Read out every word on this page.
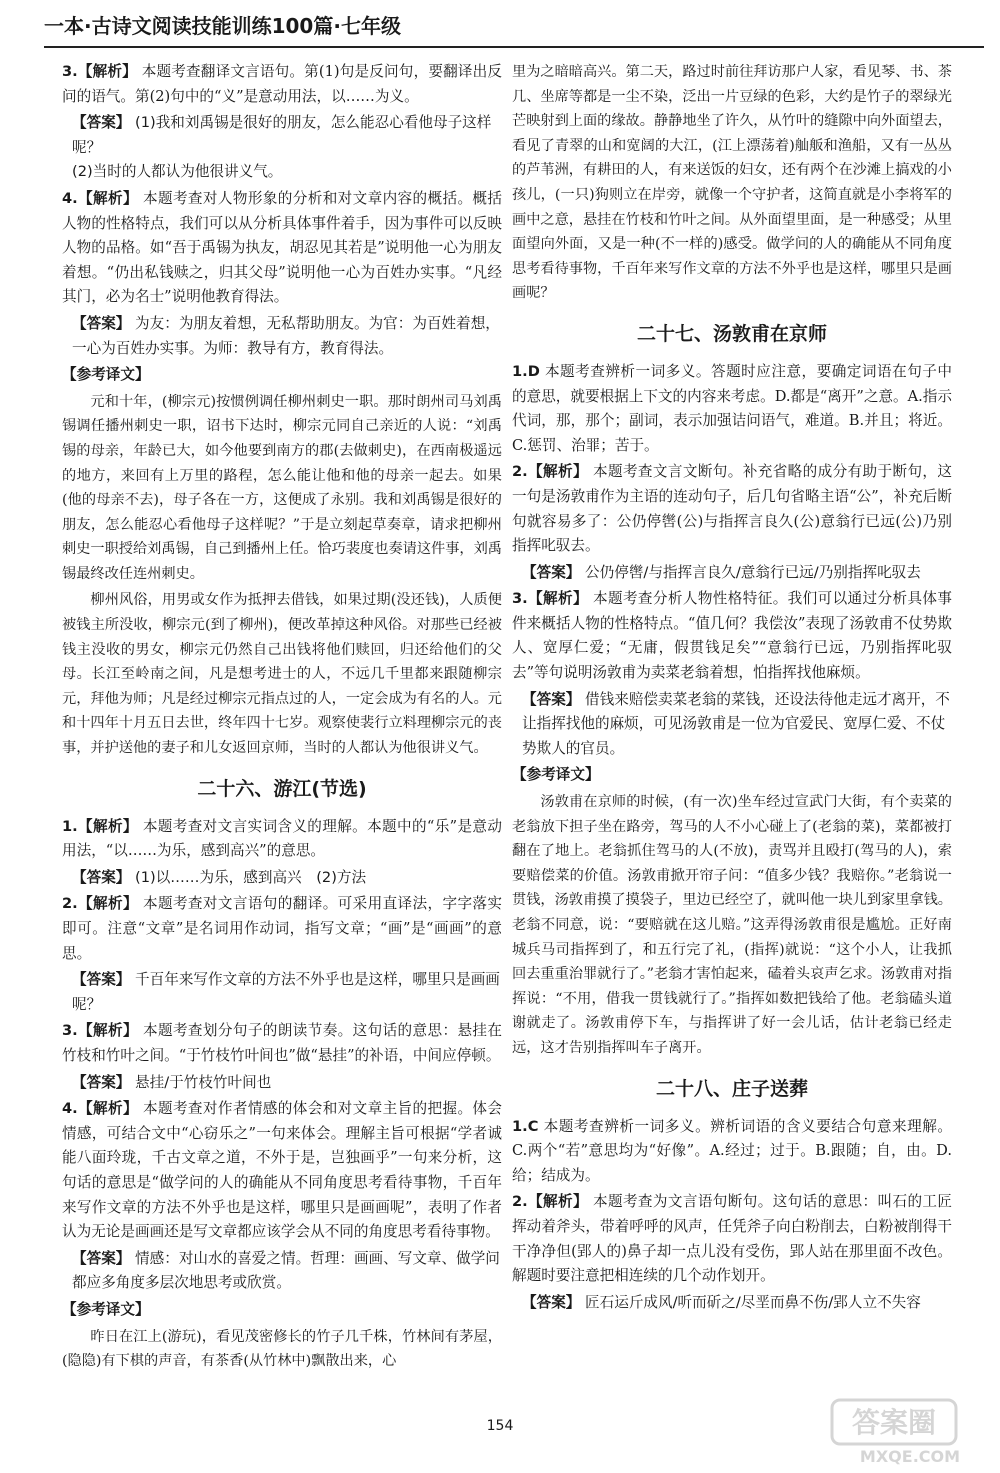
一本·古诗文阅读技能训练100篇·七年级

3.【解析】 本题考查翻译文言语句。第(1)句是反问句，要翻译出反问的语气。第(2)句中的“义”是意动用法，以……为义。

【答案】 (1)我和刘禹锡是很好的朋友，怎么能忍心看他母子这样呢？
(2)当时的人都认为他很讲义气。

4.【解析】 本题考查对人物形象的分析和对文章内容的概括。概括人物的性格特点，我们可以从分析具体事件着手，因为事件可以反映人物的品格。如“吾于禹锡为执友，胡忍见其若是”说明他一心为朋友着想。“仍出私钱赎之，归其父母”说明他一心为百姓办实事。“凡经其门，必为名士”说明他教育得法。

【答案】 为友：为朋友着想，无私帮助朋友。为官：为百姓着想，一心为百姓办实事。为师：教导有方，教育得法。

【参考译文】

元和十年，(柳宗元)按惯例调任柳州刺史一职。那时朗州司马刘禹锡调任播州刺史一职，诏书下达时，柳宗元同自己亲近的人说：“刘禹锡的母亲，年龄已大，如今他要到南方的郡(去做刺史)，在西南极遥远的地方，来回有上万里的路程，怎么能让他和他的母亲一起去。如果(他的母亲不去)，母子各在一方，这便成了永别。我和刘禹锡是很好的朋友，怎么能忍心看他母子这样呢？”于是立刻起草奏章，请求把柳州刺史一职授给刘禹锡，自己到播州上任。恰巧裴度也奏请这件事，刘禹锡最终改任连州刺史。

柳州风俗，用男或女作为抵押去借钱，如果过期(没还钱)，人质便被钱主所没收，柳宗元(到了柳州)，便改革掉这种风俗。对那些已经被钱主没收的男女，柳宗元仍然自己出钱将他们赎回，归还给他们的父母。长江至岭南之间，凡是想考进士的人，不远几千里都来跟随柳宗元，拜他为师；凡是经过柳宗元指点过的人，一定会成为有名的人。元和十四年十月五日去世，终年四十七岁。观察使裴行立料理柳宗元的丧事，并护送他的妻子和儿女返回京师，当时的人都认为他很讲义气。

二十六、游江(节选)

1.【解析】 本题考查对文言实词含义的理解。本题中的“乐”是意动用法，“以……为乐，感到高兴”的意思。

【答案】 (1)以……为乐，感到高兴　(2)方法

2.【解析】 本题考查对文言语句的翻译。可采用直译法，字字落实即可。注意“文章”是名词用作动词，指写文章；“画”是“画画”的意思。

【答案】 千百年来写作文章的方法不外乎也是这样，哪里只是画画呢？

3.【解析】 本题考查划分句子的朗读节奏。这句话的意思：悬挂在竹枝和竹叶之间。“于竹枝竹叶间也”做“悬挂”的补语，中间应停顿。

【答案】 悬挂/于竹枝竹叶间也

4.【解析】 本题考查对作者情感的体会和对文章主旨的把握。体会情感，可结合文中“心窃乐之”一句来体会。理解主旨可根据“学者诚能八面玲珑，千古文章之道，不外于是，岂独画乎”一句来分析，这句话的意思是“做学问的人的确能从不同角度思考看待事物，千百年来写作文章的方法不外乎也是这样，哪里只是画画呢”，表明了作者认为无论是画画还是写文章都应该学会从不同的角度思考看待事物。

【答案】 情感：对山水的喜爱之情。哲理：画画、写文章、做学问都应多角度多层次地思考或欣赏。

【参考译文】

昨日在江上(游玩)，看见茂密修长的竹子几千株，竹林间有茅屋，(隐隐)有下棋的声音，有茶香(从竹林中)飘散出来，心

里为之暗暗高兴。第二天，路过时前往拜访那户人家，看见琴、书、茶几、坐席等都是一尘不染，泛出一片豆绿的色彩，大约是竹子的翠绿光芒映射到上面的缘故。静静地坐了许久，从竹叶的缝隙中向外面望去，看见了青翠的山和宽阔的大江，(江上漂荡着)舢舨和渔船，又有一丛丛的芦苇洲，有耕田的人，有来送饭的妇女，还有两个在沙滩上搞戏的小孩儿，(一只)狗则立在岸旁，就像一个守护者，这简直就是小李将军的画中之意，悬挂在竹枝和竹叶之间。从外面望里面，是一种感受；从里面望向外面，又是一种(不一样的)感受。做学问的人的确能从不同角度思考看待事物，千百年来写作文章的方法不外乎也是这样，哪里只是画画呢？

二十七、汤敦甫在京师

1.D 本题考查辨析一词多义。答题时应注意，要确定词语在句子中的意思，就要根据上下文的内容来考虑。D.都是“离开”之意。A.指示代词，那，那个；副词，表示加强诘问语气，难道。B.并且；将近。C.惩罚、治罪；苦于。

2.【解析】 本题考查文言文断句。补充省略的成分有助于断句，这一句是汤敦甫作为主语的连动句子，后几句省略主语“公”，补充后断句就容易多了：公仍停辔(公)与指挥言良久(公)意翁行已远(公)乃别指挥叱驭去。

【答案】 公仍停辔/与指挥言良久/意翁行已远/乃别指挥叱驭去

3.【解析】 本题考查分析人物性格特征。我们可以通过分析具体事件来概括人物的性格特点。“值几何？我偿汝”表现了汤敦甫不仗势欺人、宽厚仁爱；“无庸，假贯钱足矣”“意翁行已远，乃别指挥叱驭去”等句说明汤敦甫为卖菜老翁着想，怕指挥找他麻烦。

【答案】 借钱来赔偿卖菜老翁的菜钱，还设法待他走远才离开，不让指挥找他的麻烦，可见汤敦甫是一位为官爱民、宽厚仁爱、不仗势欺人的官员。

【参考译文】

汤敦甫在京师的时候，(有一次)坐车经过宣武门大街，有个卖菜的老翁放下担子坐在路旁，驾马的人不小心碰上了(老翁的菜)，菜都被打翻在了地上。老翁抓住驾马的人(不放)，责骂并且殴打(驾马的人)，索要赔偿菜的价值。汤敦甫掀开帘子问：“值多少钱？我赔你。”老翁说一贯钱，汤敦甫摸了摸袋子，里边已经空了，就叫他一块儿到家里拿钱。老翁不同意，说：“要赔就在这儿赔。”这弄得汤敦甫很是尴尬。正好南城兵马司指挥到了，和五行完了礼，(指挥)就说：“这个小人，让我抓回去重重治罪就行了。”老翁才害怕起来，磕着头哀声乞求。汤敦甫对指挥说：“不用，借我一贯钱就行了。”指挥如数把钱给了他。老翁磕头道谢就走了。汤敦甫停下车，与指挥讲了好一会儿话，估计老翁已经走远，这才告别指挥叫车子离开。

二十八、庄子送葬

1.C 本题考查辨析一词多义。辨析词语的含义要结合句意来理解。C.两个“若”意思均为“好像”。A.经过；过于。B.跟随；自，由。D.给；结成为。

2.【解析】 本题考查为文言语句断句。这句话的意思：叫石的工匠挥动着斧头，带着呼呼的风声，任凭斧子向白粉削去，白粉被削得干干净净但(郢人的)鼻子却一点儿没有受伤，郢人站在那里面不改色。解题时要注意把相连续的几个动作划开。

【答案】 匠石运斤成风/听而斫之/尽垩而鼻不伤/郢人立不失容

154	答案圈
MXQE.COM
